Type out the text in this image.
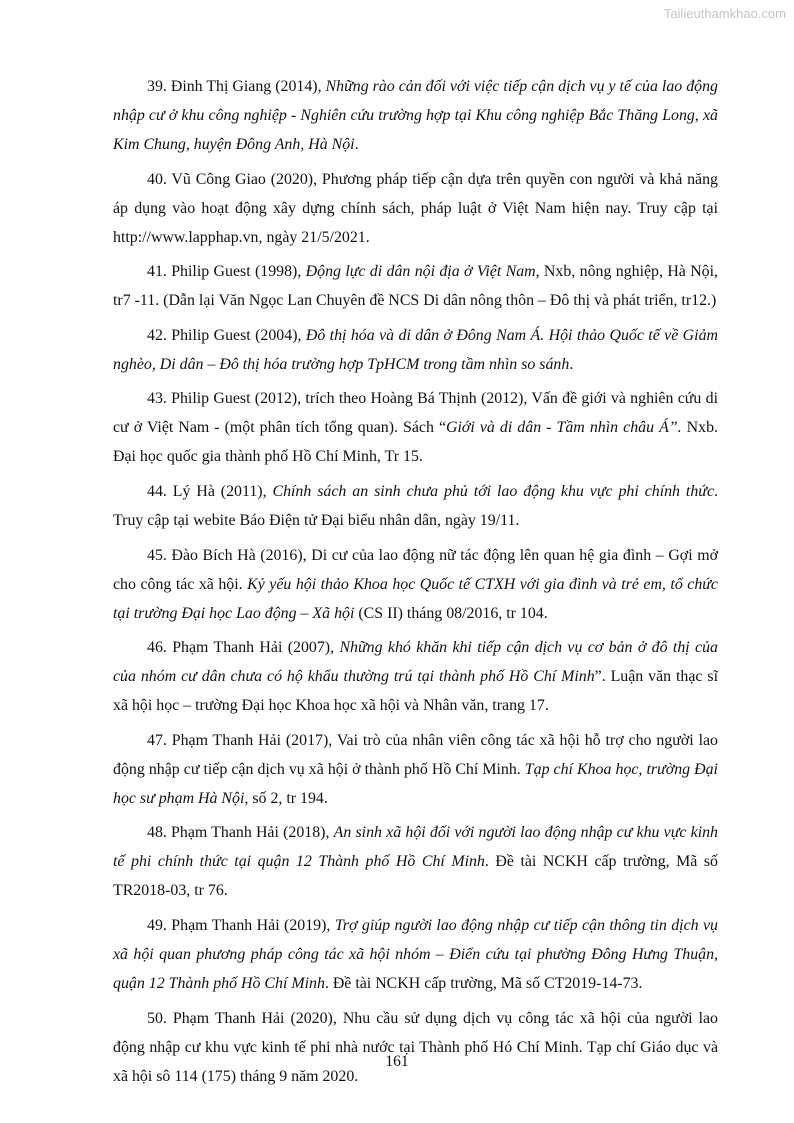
Tailieuthamkhao.com

39. Đinh Thị Giang (2014), Những rào cản đối với việc tiếp cận dịch vụ y tế của lao động nhập cư ở khu công nghiệp - Nghiên cứu trường hợp tại Khu công nghiệp Bắc Thăng Long, xã Kim Chung, huyện Đông Anh, Hà Nội.

40. Vũ Công Giao (2020), Phương pháp tiếp cận dựa trên quyền con người và khả năng áp dụng vào hoạt động xây dựng chính sách, pháp luật ở Việt Nam hiện nay. Truy cập tại http://www.lapphap.vn, ngày 21/5/2021.

41. Philip Guest (1998), Động lực di dân nội địa ở Việt Nam, Nxb, nông nghiệp, Hà Nội, tr7 -11. (Dẫn lại Văn Ngọc Lan Chuyên đề NCS Di dân nông thôn – Đô thị và phát triển, tr12.)

42. Philip Guest (2004), Đô thị hóa và di dân ở Đông Nam Á. Hội thảo Quốc tế về Giảm nghèo, Di dân – Đô thị hóa trường hợp TpHCM trong tầm nhìn so sánh.

43. Philip Guest (2012), trích theo Hoàng Bá Thịnh (2012), Vấn đề giới và nghiên cứu di cư ở Việt Nam - (một phân tích tổng quan). Sách “Giới và di dân - Tầm nhìn châu Á”. Nxb. Đại học quốc gia thành phố Hồ Chí Minh, Tr 15.

44. Lý Hà (2011), Chính sách an sinh chưa phủ tới lao động khu vực phi chính thức. Truy cập tại webite Báo Điện tử Đại biểu nhân dân, ngày 19/11.

45. Đào Bích Hà (2016), Di cư của lao động nữ tác động lên quan hệ gia đình – Gợi mở cho công tác xã hội. Kỷ yếu hội thảo Khoa học Quốc tế CTXH với gia đình và trẻ em, tổ chức tại trường Đại học Lao động – Xã hội (CS II) tháng 08/2016, tr 104.

46. Phạm Thanh Hải (2007), Những khó khăn khi tiếp cận dịch vụ cơ bản ở đô thị của của nhóm cư dân chưa có hộ khẩu thường trú tại thành phố Hồ Chí Minh”. Luận văn thạc sĩ xã hội học – trường Đại học Khoa học xã hội và Nhân văn, trang 17.

47. Phạm Thanh Hải (2017), Vai trò của nhân viên công tác xã hội hỗ trợ cho người lao động nhập cư tiếp cận dịch vụ xã hội ở thành phố Hồ Chí Minh. Tạp chí Khoa học, trường Đại học sư phạm Hà Nội, số 2, tr 194.

48. Phạm Thanh Hải (2018), An sinh xã hội đối với người lao động nhập cư khu vực kinh tế phi chính thức tại quận 12 Thành phố Hồ Chí Minh. Đề tài NCKH cấp trường, Mã số TR2018-03, tr 76.

49. Phạm Thanh Hải (2019), Trợ giúp người lao động nhập cư tiếp cận thông tin dịch vụ xã hội quan phương pháp công tác xã hội nhóm – Điển cứu tại phường Đông Hưng Thuận, quận 12 Thành phố Hồ Chí Minh. Đề tài NCKH cấp trường, Mã số CT2019-14-73.

50. Phạm Thanh Hải (2020), Nhu cầu sử dụng dịch vụ công tác xã hội của người lao động nhập cư khu vực kinh tế phi nhà nước tại Thành phố Hó Chí Minh. Tạp chí Giáo dục và xã hội sô 114 (175) tháng 9 năm 2020.

161
